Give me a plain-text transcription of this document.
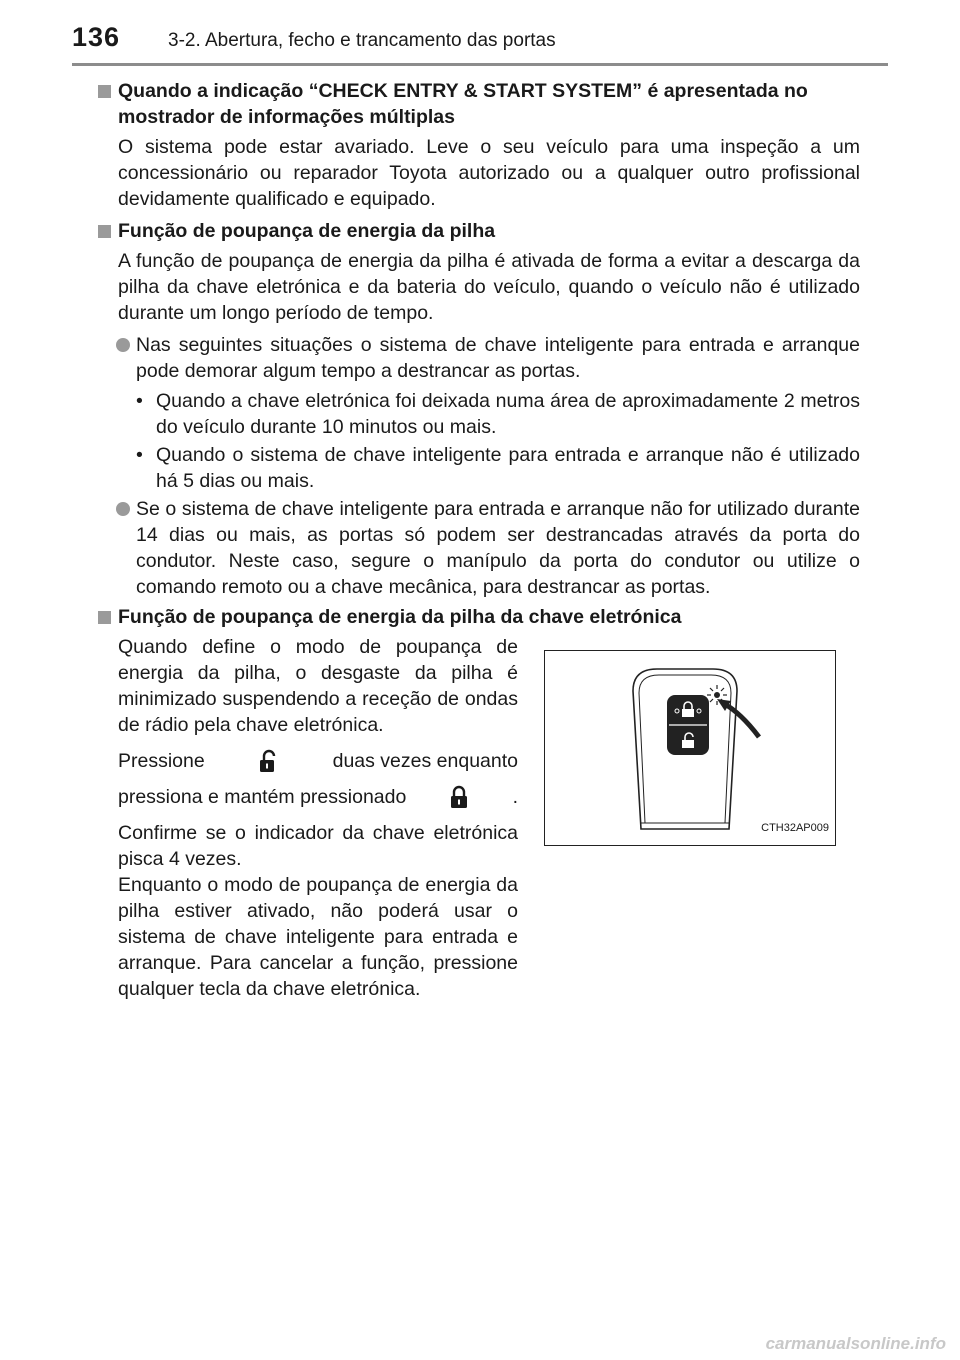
136	3-2. Abertura, fecho e trancamento das portas
Quando a indicação “CHECK ENTRY & START SYSTEM” é apresentada no mostrador de informações múltiplas
O sistema pode estar avariado. Leve o seu veículo para uma inspeção a um concessionário ou reparador Toyota autorizado ou a qualquer outro profissional devidamente qualificado e equipado.
Função de poupança de energia da pilha
A função de poupança de energia da pilha é ativada de forma a evitar a descarga da pilha da chave eletrónica e da bateria do veículo, quando o veículo não é utilizado durante um longo período de tempo.
Nas seguintes situações o sistema de chave inteligente para entrada e arranque pode demorar algum tempo a destrancar as portas.
• Quando a chave eletrónica foi deixada numa área de aproximadamente 2 metros do veículo durante 10 minutos ou mais.
• Quando o sistema de chave inteligente para entrada e arranque não é utilizado há 5 dias ou mais.
Se o sistema de chave inteligente para entrada e arranque não for utilizado durante 14 dias ou mais, as portas só podem ser destrancadas através da porta do condutor. Neste caso, segure o manípulo da porta do condutor ou utilize o comando remoto ou a chave mecânica, para destrancar as portas.
Função de poupança de energia da pilha da chave eletrónica

Quando define o modo de poupança de energia da pilha, o desgaste da pilha é minimizado suspendendo a receção de ondas de rádio pela chave eletrónica.

Pressione	duas vezes enquanto

pressiona e mantém pressionado	.

Confirme se o indicador da chave eletrónica pisca 4 vezes.

Enquanto o modo de poupança de energia da pilha estiver ativado, não poderá usar o sistema de chave inteligente para entrada e arranque. Para cancelar a função, pressione qualquer tecla da chave eletrónica.

CTH32AP009
carmanualsonline.info
